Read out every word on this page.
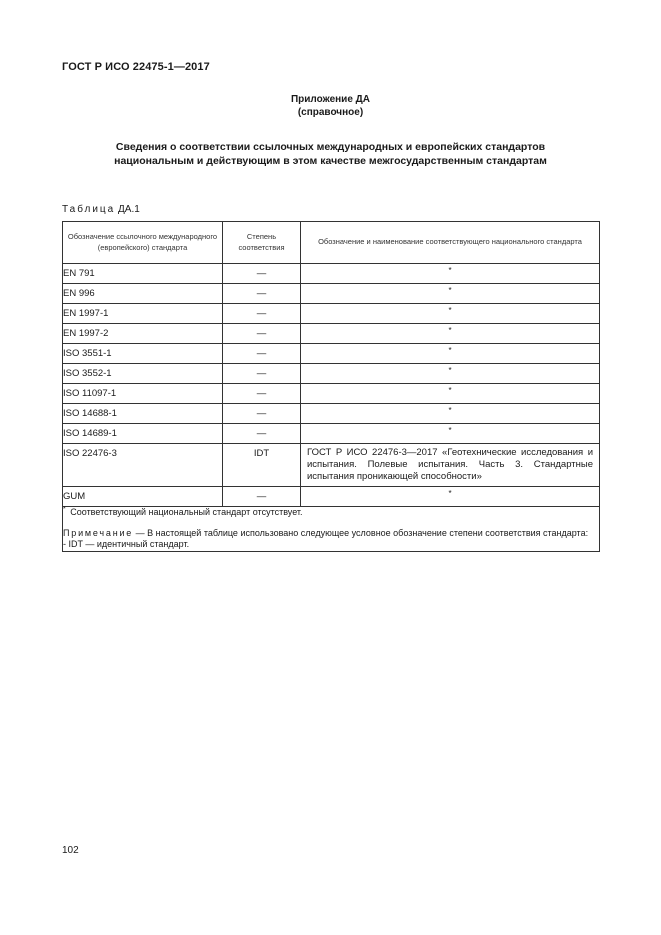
ГОСТ Р ИСО 22475-1—2017
Приложение ДА
(справочное)
Сведения о соответствии ссылочных международных и европейских стандартов
национальным и действующим в этом качестве межгосударственным стандартам
Таблица ДА.1
Обозначение ссылочного международного (европейского) стандарта	Степень соответствия	Обозначение и наименование соответствующего национального стандарта
EN 791	—	*
EN 996	—	*
EN 1997-1	—	*
EN 1997-2	—	*
ISO 3551-1	—	*
ISO 3552-1	—	*
ISO 11097-1	—	*
ISO 14688-1	—	*
ISO 14689-1	—	*
ISO 22476-3	IDT	ГОСТ Р ИСО 22476-3—2017 «Геотехнические исследования и испытания. Полевые испытания. Часть 3. Стандартные испытания проникающей способности»
GUM	—	*

* Соответствующий национальный стандарт отсутствует.

Примечание — В настоящей таблице использовано следующее условное обозначение степени соответствия стандарта:

- IDT — идентичный стандарт.		

102
